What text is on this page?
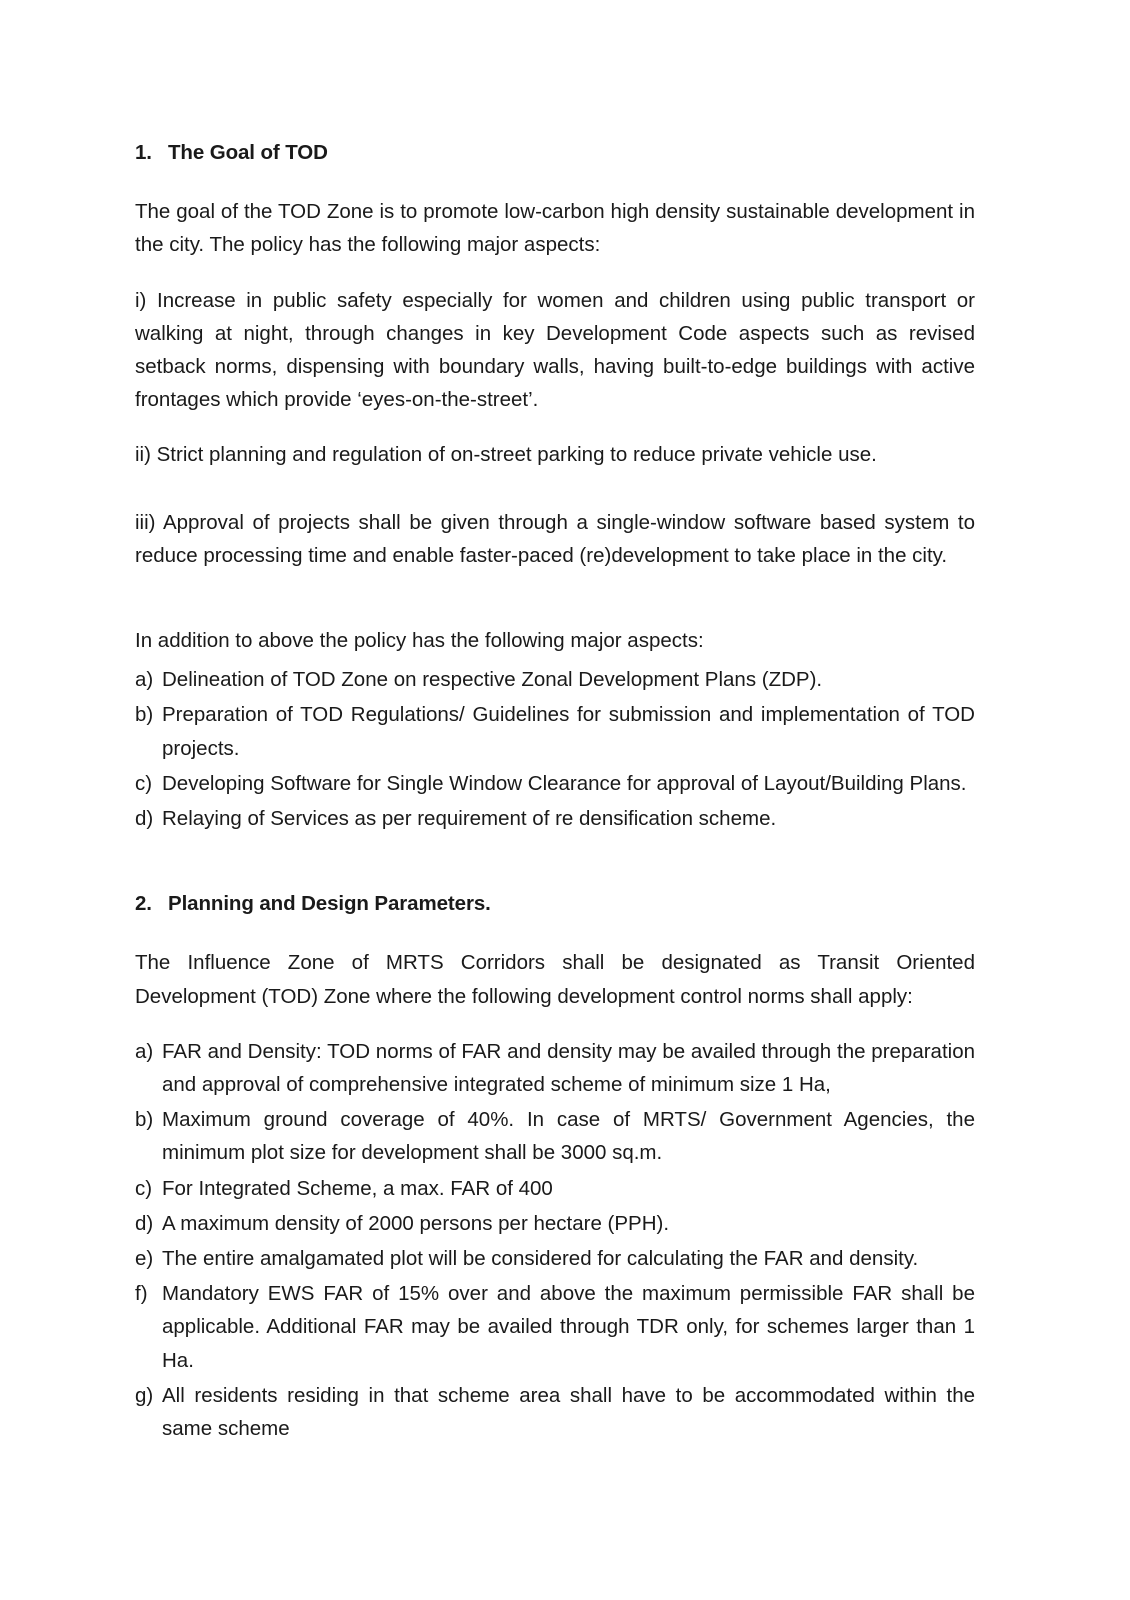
1. The Goal of TOD

The goal of the TOD Zone is to promote low-carbon high density sustainable development in the city. The policy has the following major aspects:

i) Increase in public safety especially for women and children using public transport or walking at night, through changes in key Development Code aspects such as revised setback norms, dispensing with boundary walls, having built-to-edge buildings with active frontages which provide ‘eyes-on-the-street’.

ii) Strict planning and regulation of on-street parking to reduce private vehicle use.

iii) Approval of projects shall be given through a single-window software based system to reduce processing time and enable faster-paced (re)development to take place in the city.

In addition to above the policy has the following major aspects:

a) Delineation of TOD Zone on respective Zonal Development Plans (ZDP).
b) Preparation of TOD Regulations/ Guidelines for submission and implementation of TOD projects.
c) Developing Software for Single Window Clearance for approval of Layout/Building Plans.
d) Relaying of Services as per requirement of re densification scheme.
2. Planning and Design Parameters.

The Influence Zone of MRTS Corridors shall be designated as Transit Oriented Development (TOD) Zone where the following development control norms shall apply:

a) FAR and Density: TOD norms of FAR and density may be availed through the preparation and approval of comprehensive integrated scheme of minimum size 1 Ha,
b) Maximum ground coverage of 40%. In case of MRTS/ Government Agencies, the minimum plot size for development shall be 3000 sq.m.
c) For Integrated Scheme, a max. FAR of 400
d) A maximum density of 2000 persons per hectare (PPH).
e) The entire amalgamated plot will be considered for calculating the FAR and density.
f) Mandatory EWS FAR of 15% over and above the maximum permissible FAR shall be applicable. Additional FAR may be availed through TDR only, for schemes larger than 1 Ha.
g) All residents residing in that scheme area shall have to be accommodated within the same scheme
